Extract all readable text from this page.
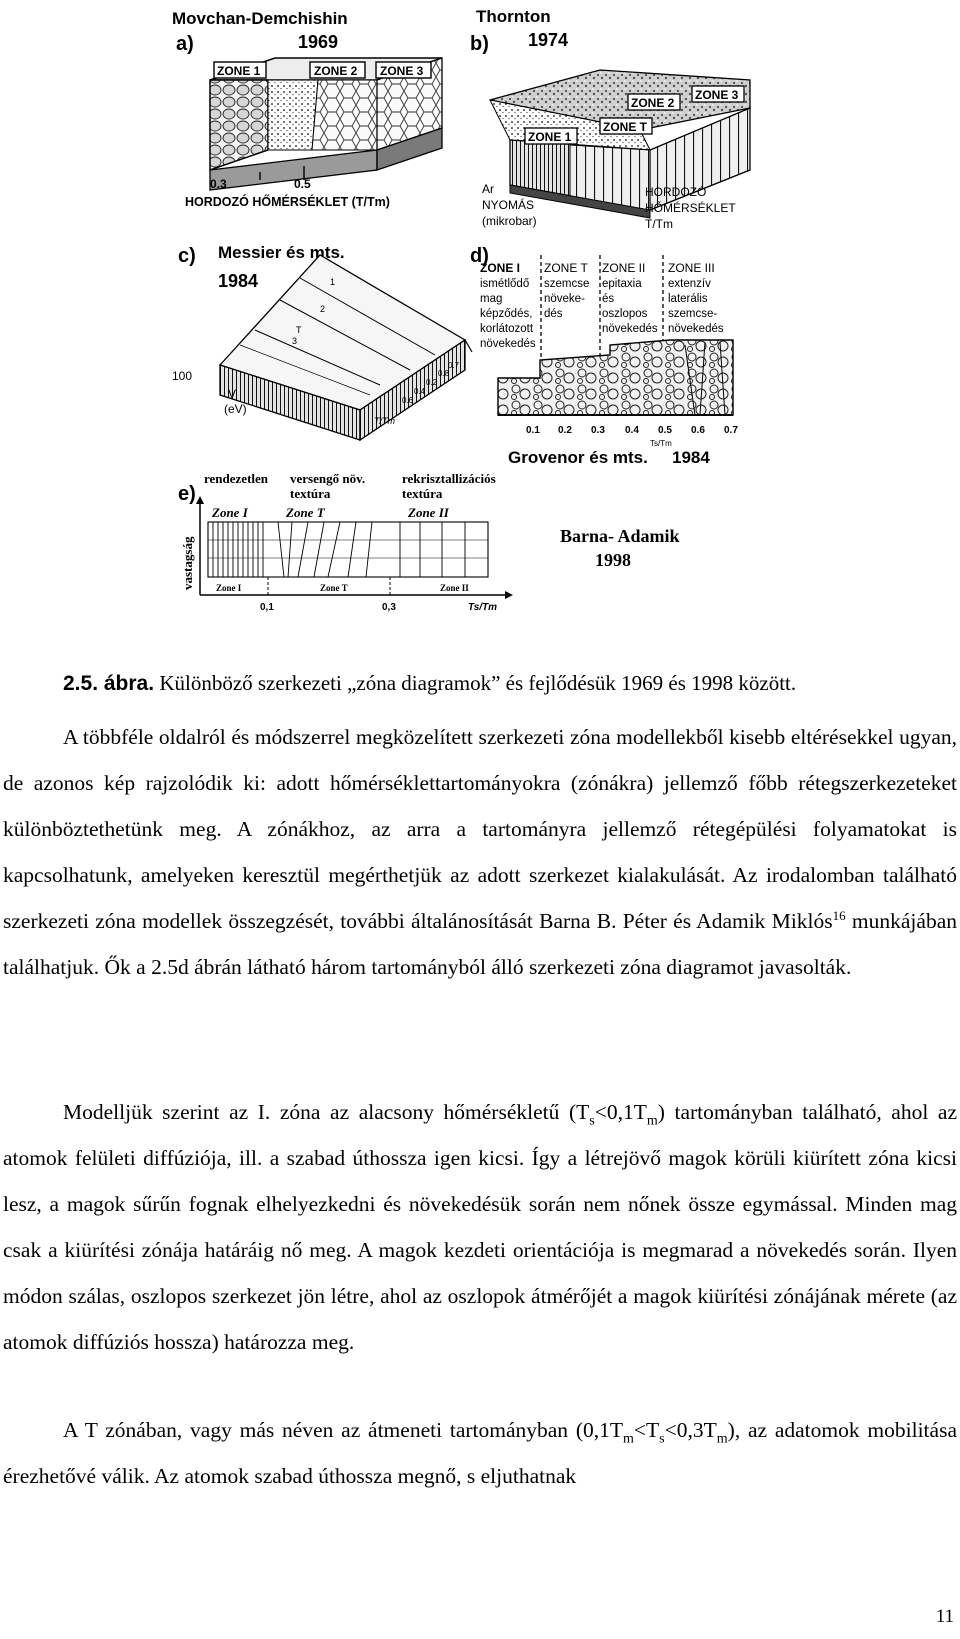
Movchan-Demchishin
a)	1969
ZONE 1	ZONE 2 ZONE 3
0.3	0.5
HORDOZÓ HŐMÉRSÉKLET (T/Tm)
Thornton
b) 1974
ZONE 1
ZONE T
ZONE 2
ZONE 3
Ar
NYOMÁS
(mikrobar)
HORDOZÓ
HŐMÉRSÉKLET
T/Tm
c) Messier és mts.
1984
100
V
(eV)
1
2
3
T
0.2
0.4
0.6
0.8
0.7
T/Tm
d)
ZONE I
ismétlődő
mag
képződés,
korlátozott
növekedés
ZONE T
szemcse
növeke-
dés
ZONE II
epitaxia
és
oszlopos
növekedés
ZONE III
extenzív
laterális
szemcse-
növekedés
0.1 0.2 0.3 0.4 0.5 0.6 0.7
Ts/Tm
Grovenor és mts. 1984
e)
rendezetlen versengő növ.
textúra
rekrisztallizációs
textúra
Zone I	Zone T	Zone II
vastagság Zone I	Zone T	Zone II
0,1	0,3	Ts/Tm
Barna- Adamik
1998
2.5. ábra. Különböző szerkezeti „zóna diagramok” és fejlődésük 1969 és 1998 között.

A többféle oldalról és módszerrel megközelített szerkezeti zóna modellekből kisebb eltérésekkel ugyan, de azonos kép rajzolódik ki: adott hőmérséklettartományokra (zónákra) jellemző főbb rétegszerkezeteket különböztethetünk meg. A zónákhoz, az arra a tartományra jellemző rétegépülési folyamatokat is kapcsolhatunk, amelyeken keresztül megérthetjük az adott szerkezet kialakulását. Az irodalomban található szerkezeti zóna modellek összegzését, további általánosítását Barna B. Péter és Adamik Miklós$^{16}$ munkájában találhatjuk. Ők a 2.5d ábrán látható három tartományból álló szerkezeti zóna diagramot javasolták.

Modelljük szerint az I. zóna az alacsony hőmérsékletű $(T_s<0,1T_m)$ tartományban található, ahol az atomok felületi diffúziója, ill. a szabad úthossza igen kicsi. Így a létrejövő magok körüli kiürített zóna kicsi lesz, a magok sűrűn fognak elhelyezkedni és növekedésük során nem nőnek össze egymással. Minden mag csak a kiürítési zónája határáig nő meg. A magok kezdeti orientációja is megmarad a növekedés során. Ilyen módon szálas, oszlopos szerkezet jön létre, ahol az oszlopok átmérőjét a magok kiürítési zónájának mérete (az atomok diffúziós hossza) határozza meg.

A T zónában, vagy más néven az átmeneti tartományban $(0,1T_m<T_s<0,3T_m)$, az adatomok mobilitása érezhetővé válik. Az atomok szabad úthossza megnő, s eljuthatnak

11
